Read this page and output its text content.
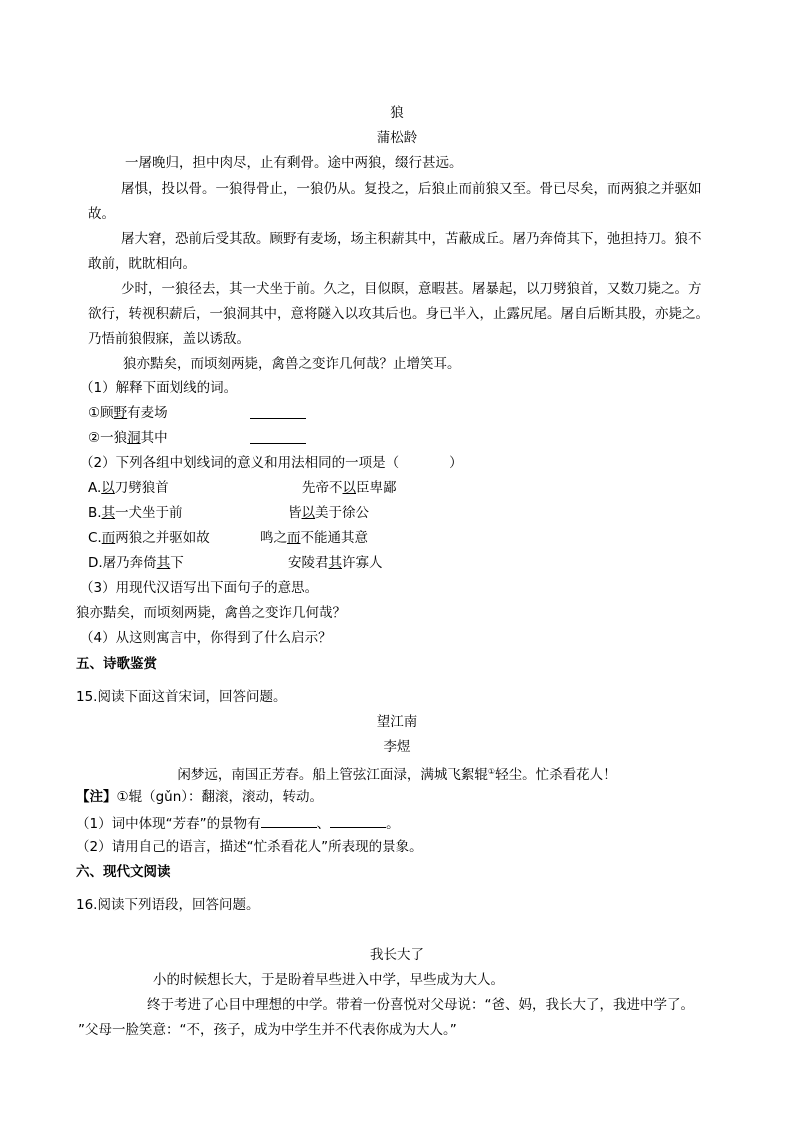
狼
蒲松龄
一屠晚归，担中肉尽，止有剩骨。途中两狼，缀行甚远。
屠惧，投以骨。一狼得骨止，一狼仍从。复投之，后狼止而前狼又至。骨已尽矣，而两狼之并驱如
故。
屠大窘，恐前后受其敌。顾野有麦场，场主积薪其中，苫蔽成丘。屠乃奔倚其下，弛担持刀。狼不
敢前，眈眈相向。
少时，一狼径去，其一犬坐于前。久之，目似瞑，意暇甚。屠暴起，以刀劈狼首，又数刀毙之。方
欲行，转视积薪后，一狼洞其中，意将隧入以攻其后也。身已半入，止露尻尾。屠自后断其股，亦毙之。
乃悟前狼假寐，盖以诱敌。
狼亦黠矣，而顷刻两毙，禽兽之变诈几何哉？止增笑耳。
（1）解释下面划线的词。
①顾野有麦场
②一狼洞其中
（2）下列各组中划线词的意义和用法相同的一项是（	）
A.以刀劈狼首	先帝不以臣卑鄙
B.其一犬坐于前	皆以美于徐公
C.而两狼之并驱如故	鸣之而不能通其意
D.屠乃奔倚其下	安陵君其许寡人
（3）用现代汉语写出下面句子的意思。
狼亦黠矣，而顷刻两毙，禽兽之变诈几何哉？
（4）从这则寓言中，你得到了什么启示？
五、诗歌鉴赏
15.阅读下面这首宋词，回答问题。
望江南
李煜
闲梦远，南国正芳春。船上管弦江面渌，满城飞絮辊①轻尘。忙杀看花人！
【注】①辊（gǔn）：翻滚，滚动，转动。
（1）词中体现“芳春”的景物有	、	。
（2）请用自己的语言，描述“忙杀看花人”所表现的景象。
六、现代文阅读
16.阅读下列语段，回答问题。
我长大了
小的时候想长大，于是盼着早些进入中学，早些成为大人。
终于考进了心目中理想的中学。带着一份喜悦对父母说：“爸、妈，我长大了，我进中学了。
”父母一脸笑意：“不，孩子，成为中学生并不代表你成为大人。”
